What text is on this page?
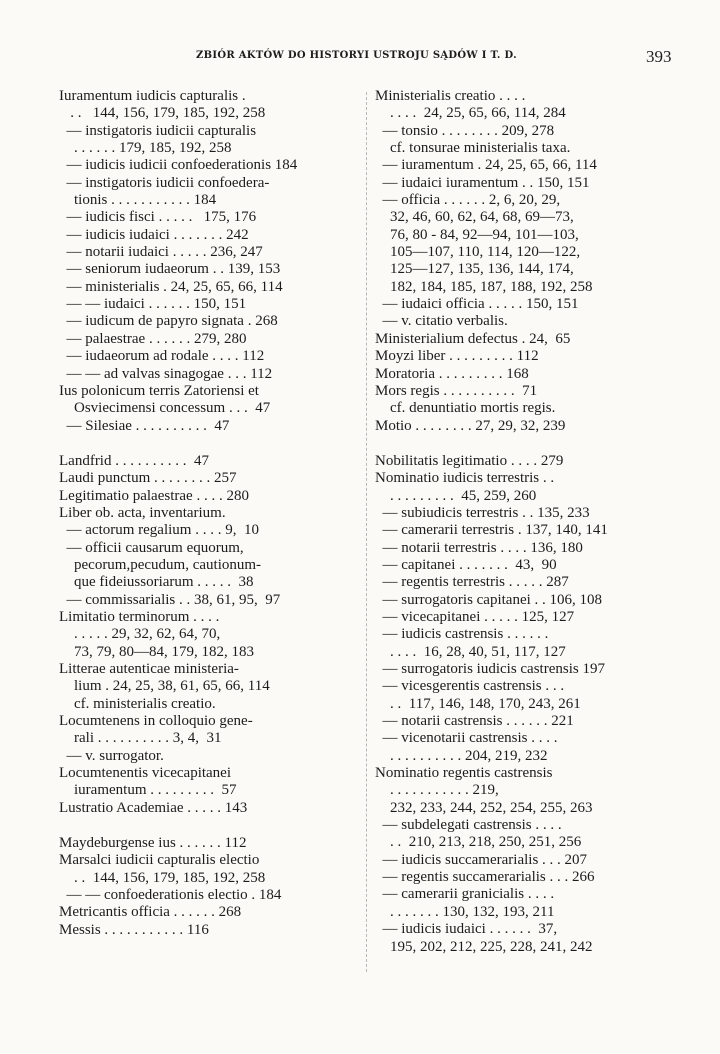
ZBIÓR AKTÓW DO HISTORYI USTROJU SĄDÓW I T. D.	393

Iuramentum iudicis capturalis .

. .   144, 156, 179, 185, 192, 258

— instigatoris iudicii capturalis

. . . . . . 179, 185, 192, 258

— iudicis iudicii confoederationis 184

— instigatoris iudicii confoedera-

tionis . . . . . . . . . . . 184

— iudicis fisci . . . . .   175, 176

— iudicis iudaici . . . . . . . 242

— notarii iudaici . . . . . 236, 247

— seniorum iudaeorum . . 139, 153

— ministerialis . 24, 25, 65, 66, 114

— — iudaici . . . . . . 150, 151

— iudicum de papyro signata . 268

— palaestrae . . . . . . 279, 280

— iudaeorum ad rodale . . . . 112

— — ad valvas sinagogae . . . 112

Ius polonicum terris Zatoriensi et

Osviecimensi concessum . . .  47

— Silesiae . . . . . . . . . .  47

Landfrid . . . . . . . . . .  47

Laudi punctum . . . . . . . . 257

Legitimatio palaestrae . . . . 280

Liber ob. acta, inventarium.

— actorum regalium . . . . 9,  10

— officii causarum equorum,

pecorum,pecudum, cautionum-

que fideiussoriarum . . . . .  38

— commissarialis . . 38, 61, 95,  97

Limitatio terminorum . . . .

. . . . . 29, 32, 62, 64, 70,

73, 79, 80—84, 179, 182, 183

Litterae autenticae ministeria-

lium . 24, 25, 38, 61, 65, 66, 114

cf. ministerialis creatio.

Locumtenens in colloquio gene-

rali . . . . . . . . . . 3, 4,  31

— v. surrogator.

Locumtenentis vicecapitanei

iuramentum . . . . . . . . .  57

Lustratio Academiae . . . . . 143

Maydeburgense ius . . . . . . 112

Marsalci iudicii capturalis electio

. .  144, 156, 179, 185, 192, 258

— — confoederationis electio . 184

Metricantis officia . . . . . . 268

Messis . . . . . . . . . . . 116

Ministerialis creatio . . . .

. . . .  24, 25, 65, 66, 114, 284

— tonsio . . . . . . . . 209, 278

cf. tonsurae ministerialis taxa.

— iuramentum . 24, 25, 65, 66, 114

— iudaici iuramentum . . 150, 151

— officia . . . . . . 2, 6, 20, 29,

32, 46, 60, 62, 64, 68, 69—73,

76, 80 - 84, 92—94, 101—103,

105—107, 110, 114, 120—122,

125—127, 135, 136, 144, 174,

182, 184, 185, 187, 188, 192, 258

— iudaici officia . . . . . 150, 151

— v. citatio verbalis.

Ministerialium defectus . 24,  65

Moyzi liber . . . . . . . . . 112

Moratoria . . . . . . . . . 168

Mors regis . . . . . . . . . .  71

cf. denuntiatio mortis regis.

Motio . . . . . . . . 27, 29, 32, 239

Nobilitatis legitimatio . . . . 279

Nominatio iudicis terrestris . .

. . . . . . . . .  45, 259, 260

— subiudicis terrestris . . 135, 233

— camerarii terrestris . 137, 140, 141

— notarii terrestris . . . . 136, 180

— capitanei . . . . . . .  43,  90

— regentis terrestris . . . . . 287

— surrogatoris capitanei . . 106, 108

— vicecapitanei . . . . . 125, 127

— iudicis castrensis . . . . . .

. . . .  16, 28, 40, 51, 117, 127

— surrogatoris iudicis castrensis 197

— vicesgerentis castrensis . . .

. .  117, 146, 148, 170, 243, 261

— notarii castrensis . . . . . . 221

— vicenotarii castrensis . . . .

. . . . . . . . . . 204, 219, 232

Nominatio regentis castrensis

. . . . . . . . . . . 219,

232, 233, 244, 252, 254, 255, 263

— subdelegati castrensis . . . .

. .  210, 213, 218, 250, 251, 256

— iudicis succamerarialis . . . 207

— regentis succamerarialis . . . 266

— camerarii granicialis . . . .

. . . . . . . 130, 132, 193, 211

— iudicis iudaici . . . . . .  37,

195, 202, 212, 225, 228, 241, 242
